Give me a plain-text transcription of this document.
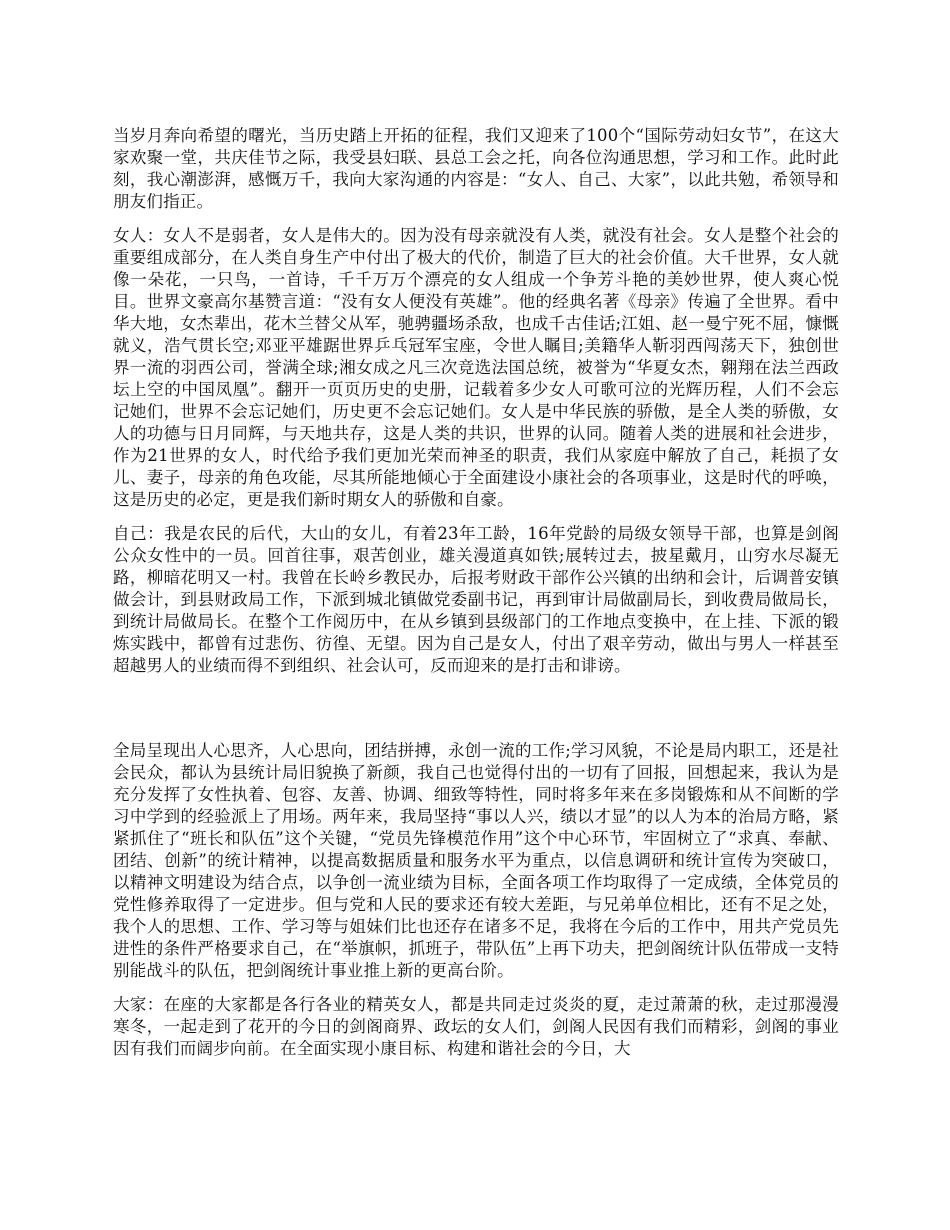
当岁月奔向希望的曙光，当历史踏上开拓的征程，我们又迎来了100个“国际劳动妇女节”，在这大家欢聚一堂，共庆佳节之际，我受县妇联、县总工会之托，向各位沟通思想，学习和工作。此时此刻，我心潮澎湃，感慨万千，我向大家沟通的内容是：“女人、自己、大家”，以此共勉，希领导和朋友们指正。

女人：女人不是弱者，女人是伟大的。因为没有母亲就没有人类，就没有社会。女人是整个社会的重要组成部分，在人类自身生产中付出了极大的代价，制造了巨大的社会价值。大千世界，女人就像一朵花，一只鸟，一首诗，千千万万个漂亮的女人组成一个争芳斗艳的美妙世界，使人爽心悦目。世界文豪高尔基赞言道：“没有女人便没有英雄”。他的经典名著《母亲》传遍了全世界。看中华大地，女杰辈出，花木兰替父从军，驰骋疆场杀敌，也成千古佳话;江姐、赵一曼宁死不屈，慷慨就义，浩气贯长空;邓亚平雄踞世界乒乓冠军宝座，令世人瞩目;美籍华人靳羽西闯荡天下，独创世界一流的羽西公司，誉满全球;湘女成之凡三次竞选法国总统，被誉为“华夏女杰，翱翔在法兰西政坛上空的中国凤凰”。翻开一页页历史的史册，记载着多少女人可歌可泣的光辉历程，人们不会忘记她们，世界不会忘记她们，历史更不会忘记她们。女人是中华民族的骄傲，是全人类的骄傲，女人的功德与日月同辉，与天地共存，这是人类的共识，世界的认同。随着人类的进展和社会进步，作为21世界的女人，时代给予我们更加光荣而神圣的职责，我们从家庭中解放了自己，耗损了女儿、妻子，母亲的角色攻能，尽其所能地倾心于全面建设小康社会的各项事业，这是时代的呼唤，这是历史的必定，更是我们新时期女人的骄傲和自豪。

自己：我是农民的后代，大山的女儿，有着23年工龄，16年党龄的局级女领导干部，也算是剑阁公众女性中的一员。回首往事，艰苦创业，雄关漫道真如铁;展转过去，披星戴月，山穷水尽凝无路，柳暗花明又一村。我曾在长岭乡教民办，后报考财政干部作公兴镇的出纳和会计，后调普安镇做会计，到县财政局工作，下派到城北镇做党委副书记，再到审计局做副局长，到收费局做局长，到统计局做局长。在整个工作阅历中，在从乡镇到县级部门的工作地点变换中，在上挂、下派的锻炼实践中，都曾有过悲伤、彷徨、无望。因为自己是女人，付出了艰辛劳动，做出与男人一样甚至超越男人的业绩而得不到组织、社会认可，反而迎来的是打击和诽谤。

全局呈现出人心思齐，人心思向，团结拼搏，永创一流的工作;学习风貌，不论是局内职工，还是社会民众，都认为县统计局旧貌换了新颜，我自己也觉得付出的一切有了回报，回想起来，我认为是充分发挥了女性执着、包容、友善、协调、细致等特性，同时将多年来在多岗锻炼和从不间断的学习中学到的经验派上了用场。两年来，我局坚持“事以人兴，绩以才显”的以人为本的治局方略，紧紧抓住了“班长和队伍”这个关键，“党员先锋模范作用”这个中心环节，牢固树立了“求真、奉献、团结、创新”的统计精神，以提高数据质量和服务水平为重点，以信息调研和统计宣传为突破口，以精神文明建设为结合点，以争创一流业绩为目标，全面各项工作均取得了一定成绩，全体党员的党性修养取得了一定进步。但与党和人民的要求还有较大差距，与兄弟单位相比，还有不足之处，我个人的思想、工作、学习等与姐妹们比也还存在诸多不足，我将在今后的工作中，用共产党员先进性的条件严格要求自己，在“举旗帜，抓班子，带队伍”上再下功夫，把剑阁统计队伍带成一支特别能战斗的队伍，把剑阁统计事业推上新的更高台阶。

大家：在座的大家都是各行各业的精英女人，都是共同走过炎炎的夏，走过萧萧的秋，走过那漫漫寒冬，一起走到了花开的今日的剑阁商界、政坛的女人们，剑阁人民因有我们而精彩，剑阁的事业因有我们而阔步向前。在全面实现小康目标、构建和谐社会的今日，大
